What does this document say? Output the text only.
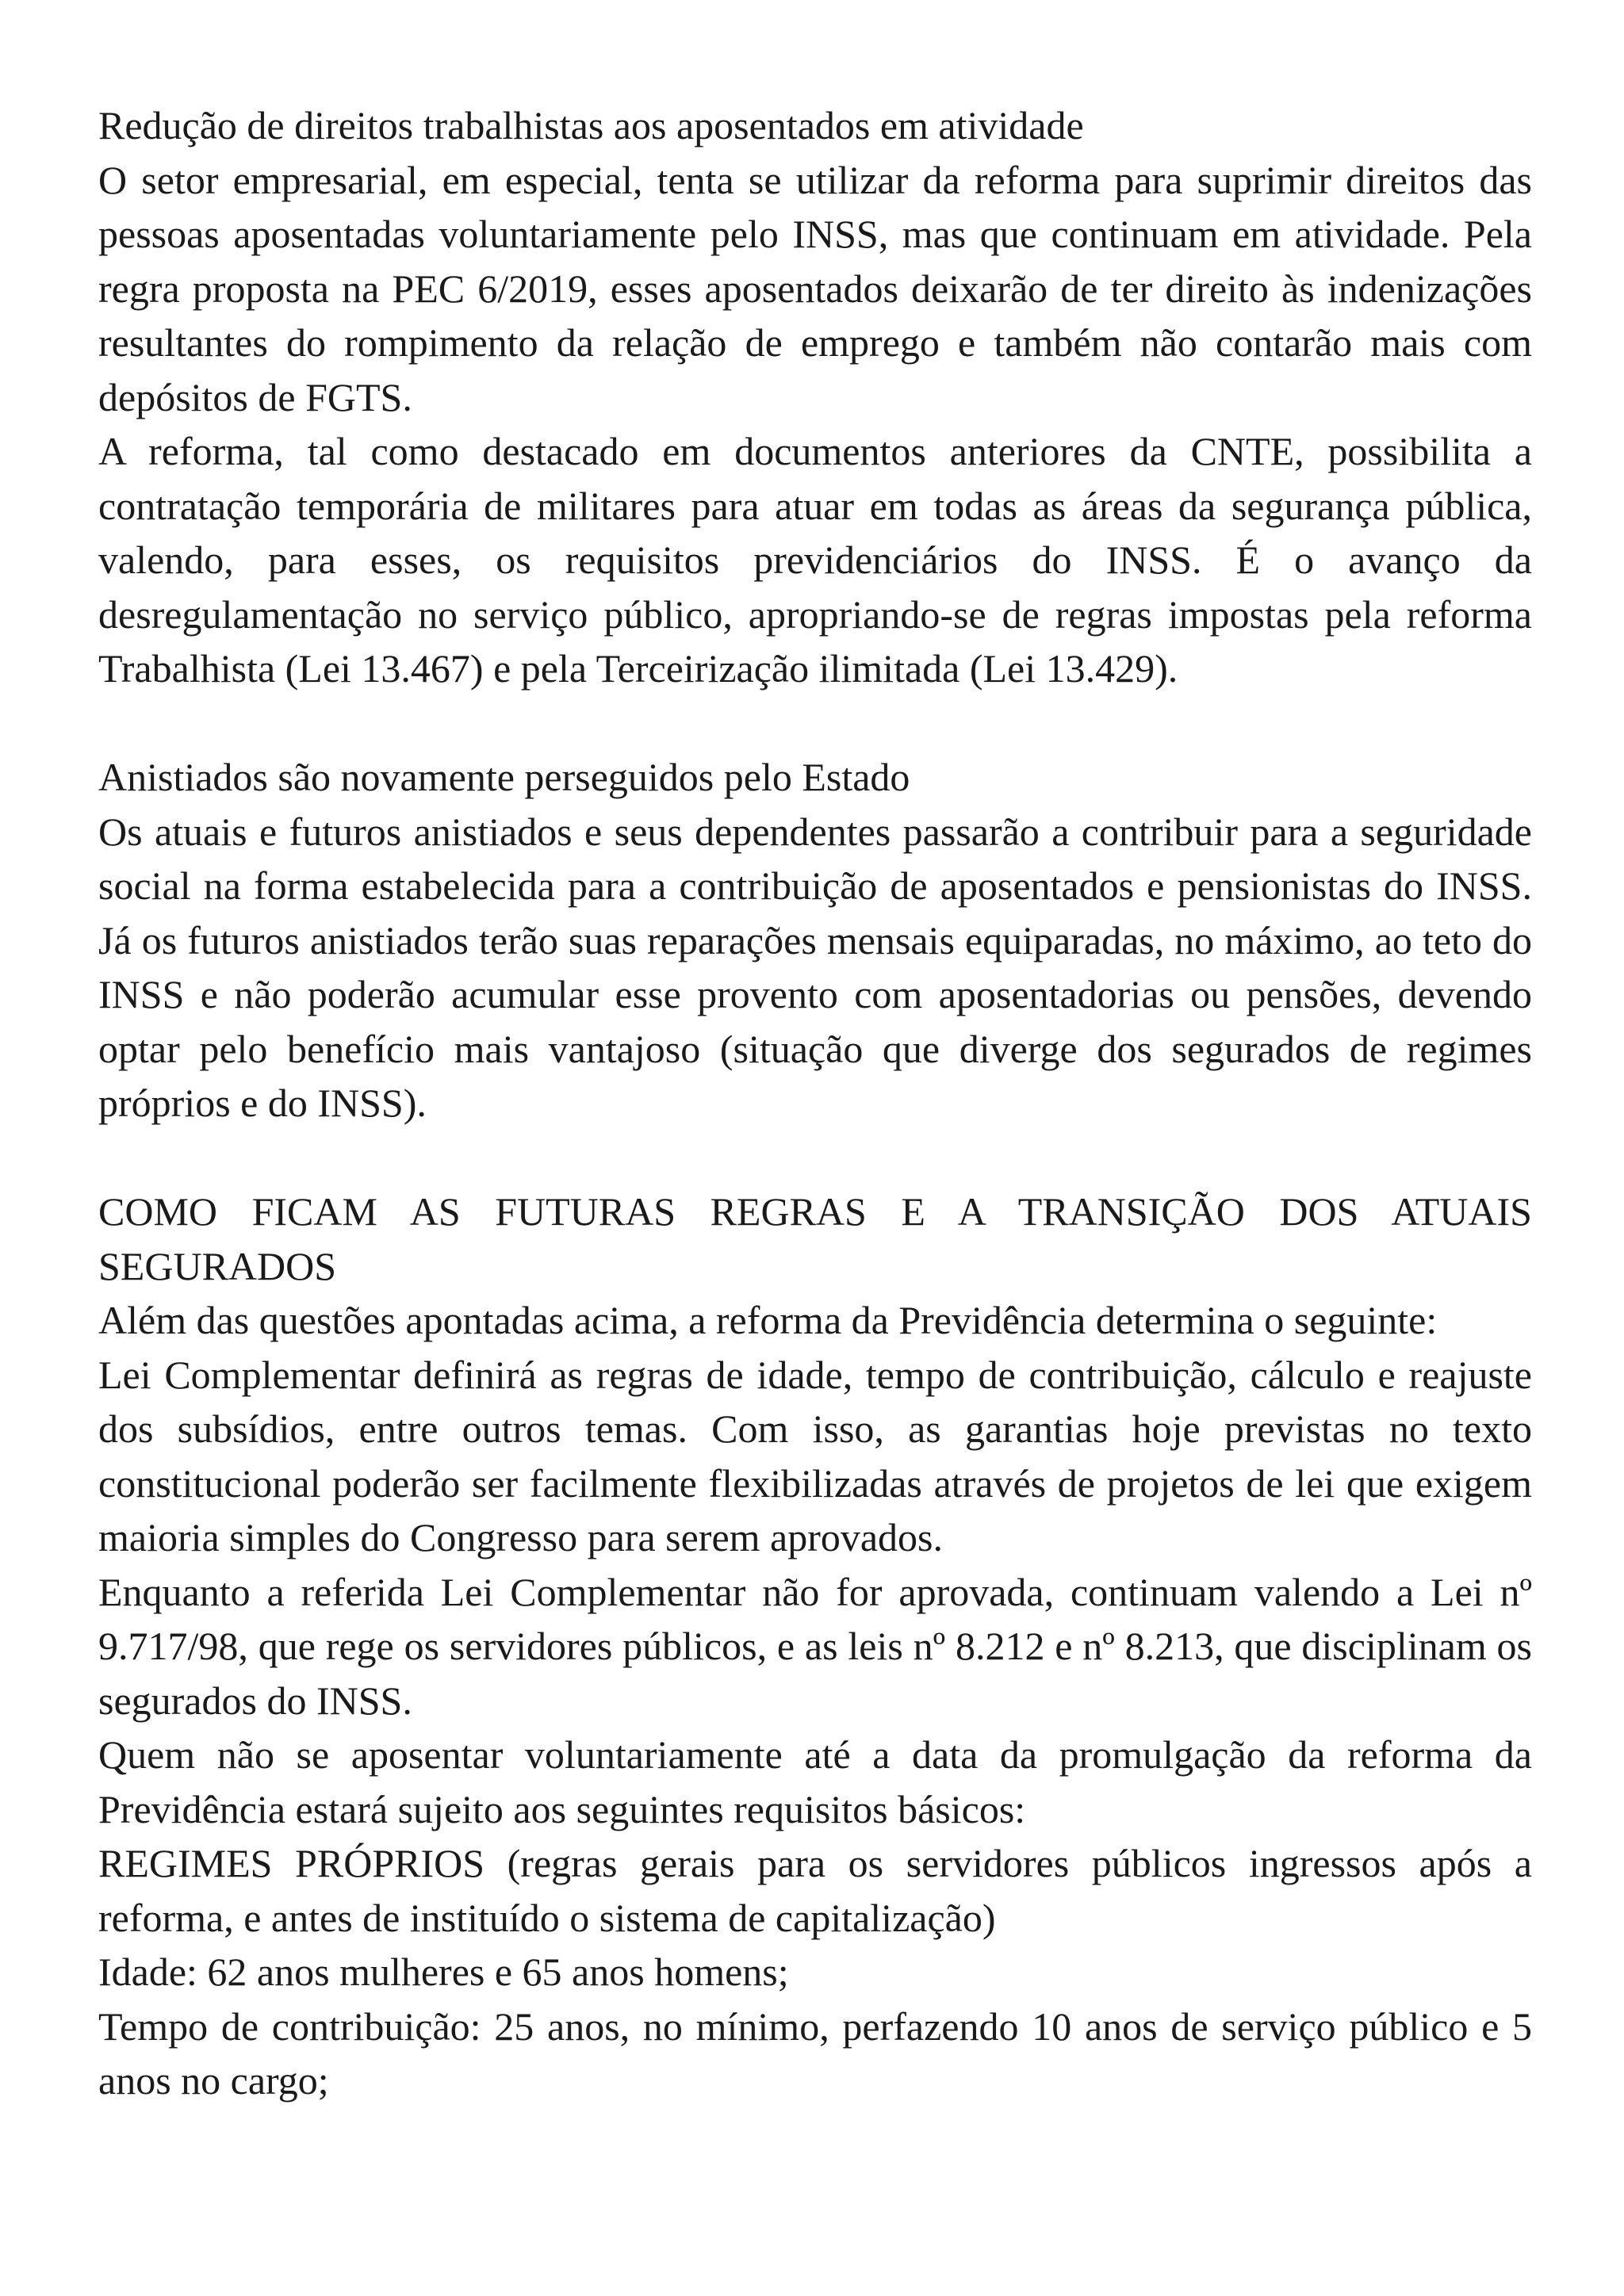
Redução de direitos trabalhistas aos aposentados em atividade

O setor empresarial, em especial, tenta se utilizar da reforma para suprimir direitos das pessoas aposentadas voluntariamente pelo INSS, mas que continuam em atividade. Pela regra proposta na PEC 6/2019, esses aposentados deixarão de ter direito às indenizações resultantes do rompimento da relação de emprego e também não contarão mais com depósitos de FGTS.

A reforma, tal como destacado em documentos anteriores da CNTE, possibilita a contratação temporária de militares para atuar em todas as áreas da segurança pública, valendo, para esses, os requisitos previdenciários do INSS. É o avanço da desregulamentação no serviço público, apropriando-se de regras impostas pela reforma Trabalhista (Lei 13.467) e pela Terceirização ilimitada (Lei 13.429).

Anistiados são novamente perseguidos pelo Estado

Os atuais e futuros anistiados e seus dependentes passarão a contribuir para a seguridade social na forma estabelecida para a contribuição de aposentados e pensionistas do INSS. Já os futuros anistiados terão suas reparações mensais equiparadas, no máximo, ao teto do INSS e não poderão acumular esse provento com aposentadorias ou pensões, devendo optar pelo benefício mais vantajoso (situação que diverge dos segurados de regimes próprios e do INSS).

COMO FICAM AS FUTURAS REGRAS E A TRANSIÇÃO DOS ATUAIS SEGURADOS

Além das questões apontadas acima, a reforma da Previdência determina o seguinte:

Lei Complementar definirá as regras de idade, tempo de contribuição, cálculo e reajuste dos subsídios, entre outros temas. Com isso, as garantias hoje previstas no texto constitucional poderão ser facilmente flexibilizadas através de projetos de lei que exigem maioria simples do Congresso para serem aprovados.

Enquanto a referida Lei Complementar não for aprovada, continuam valendo a Lei nº 9.717/98, que rege os servidores públicos, e as leis nº 8.212 e nº 8.213, que disciplinam os segurados do INSS.

Quem não se aposentar voluntariamente até a data da promulgação da reforma da Previdência estará sujeito aos seguintes requisitos básicos:

REGIMES PRÓPRIOS (regras gerais para os servidores públicos ingressos após a reforma, e antes de instituído o sistema de capitalização)

Idade: 62 anos mulheres e 65 anos homens;

Tempo de contribuição: 25 anos, no mínimo, perfazendo 10 anos de serviço público e 5 anos no cargo;
